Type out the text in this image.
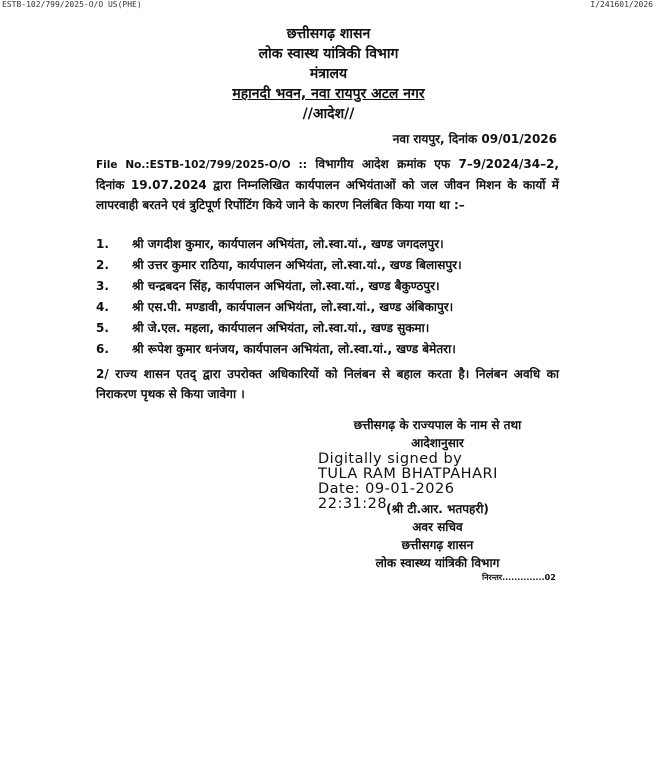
ESTB-102/799/2025-O/O US(PHE)	I/241601/2026
छत्तीसगढ़ शासन
लोक स्वास्थ यांत्रिकी विभाग
मंत्रालय
महानदी भवन, नवा रायपुर अटल नगर
//आदेश//
नवा रायपुर, दिनांक 09/01/2026
File No.:ESTB-102/799/2025-O/O :: विभागीय आदेश क्रमांक एफ 7–9/2024/34–2, दिनांक 19.07.2024 द्वारा निम्नलिखित कार्यपालन अभियंताओं को जल जीवन मिशन के कार्यो में लापरवाही बरतने एवं त्रुटिपूर्ण रिर्पोटिंग किये जाने के कारण निलंबित किया गया था :–
1.	श्री जगदीश कुमार, कार्यपालन अभियंता, लो.स्वा.यां., खण्ड जगदलपुर।
2.	श्री उत्तर कुमार राठिया, कार्यपालन अभियंता, लो.स्वा.यां., खण्ड बिलासपुर।
3.	श्री चन्द्रबदन सिंह, कार्यपालन अभियंता, लो.स्वा.यां., खण्ड बैकुण्ठपुर।
4.	श्री एस.पी. मण्डावी, कार्यपालन अभियंता, लो.स्वा.यां., खण्ड अंबिकापुर।
5.	श्री जे.एल. महला, कार्यपालन अभियंता, लो.स्वा.यां., खण्ड सुकमा।
6.	श्री रूपेश कुमार धनंजय, कार्यपालन अभियंता, लो.स्वा.यां., खण्ड बेमेतरा।
2/ राज्य शासन एतद् द्वारा उपरोक्त अधिकारियों को निलंबन से बहाल करता है। निलंबन अवधि का निराकरण पृथक से किया जावेगा ।
छत्तीसगढ़ के राज्यपाल के नाम से तथा
आदेशानुसार
Digitally signed by
TULA RAM BHATPAHARI
Date: 09-01-2026
22:31:28
(श्री टी.आर. भतपहरी)
अवर सचिव
छत्तीसगढ़ शासन
लोक स्वास्थ्य यांत्रिकी विभाग
निरन्तर..............02
